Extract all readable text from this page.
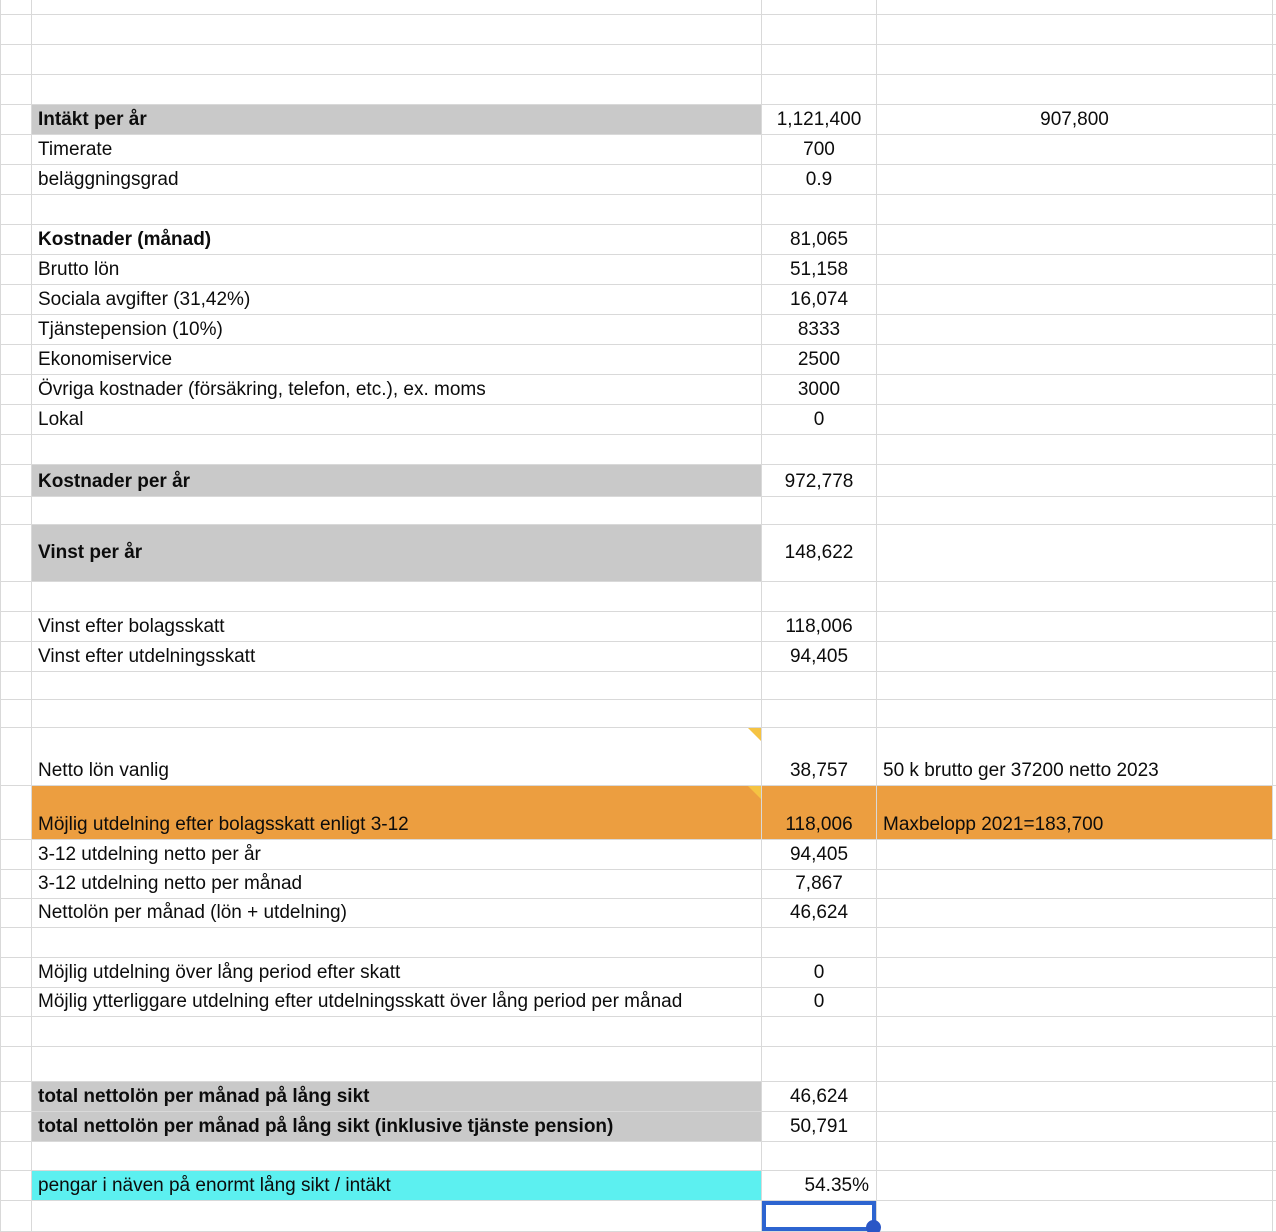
Intäkt per år	1,121,400	907,800
Timerate	700
beläggningsgrad	0.9
Kostnader (månad)	81,065
Brutto lön	51,158
Sociala avgifter (31,42%)	16,074
Tjänstepension (10%)	8333
Ekonomiservice	2500
Övriga kostnader (försäkring, telefon, etc.), ex. moms	3000
Lokal	0
Kostnader per år	972,778
Vinst per år	148,622
Vinst efter bolagsskatt	118,006
Vinst efter utdelningsskatt	94,405
Netto lön vanlig	38,757	50 k brutto ger 37200 netto 2023
Möjlig utdelning efter bolagsskatt enligt 3-12	118,006	Maxbelopp 2021=183,700
3-12 utdelning netto per år	94,405
3-12 utdelning netto per månad	7,867
Nettolön per månad (lön + utdelning)	46,624
Möjlig utdelning över lång period efter skatt	0
Möjlig ytterliggare utdelning efter utdelningsskatt över lång period per månad	0
total nettolön per månad på lång sikt	46,624
total nettolön per månad på lång sikt (inklusive tjänste pension)	50,791
pengar i näven på enormt lång sikt / intäkt	54.35%
